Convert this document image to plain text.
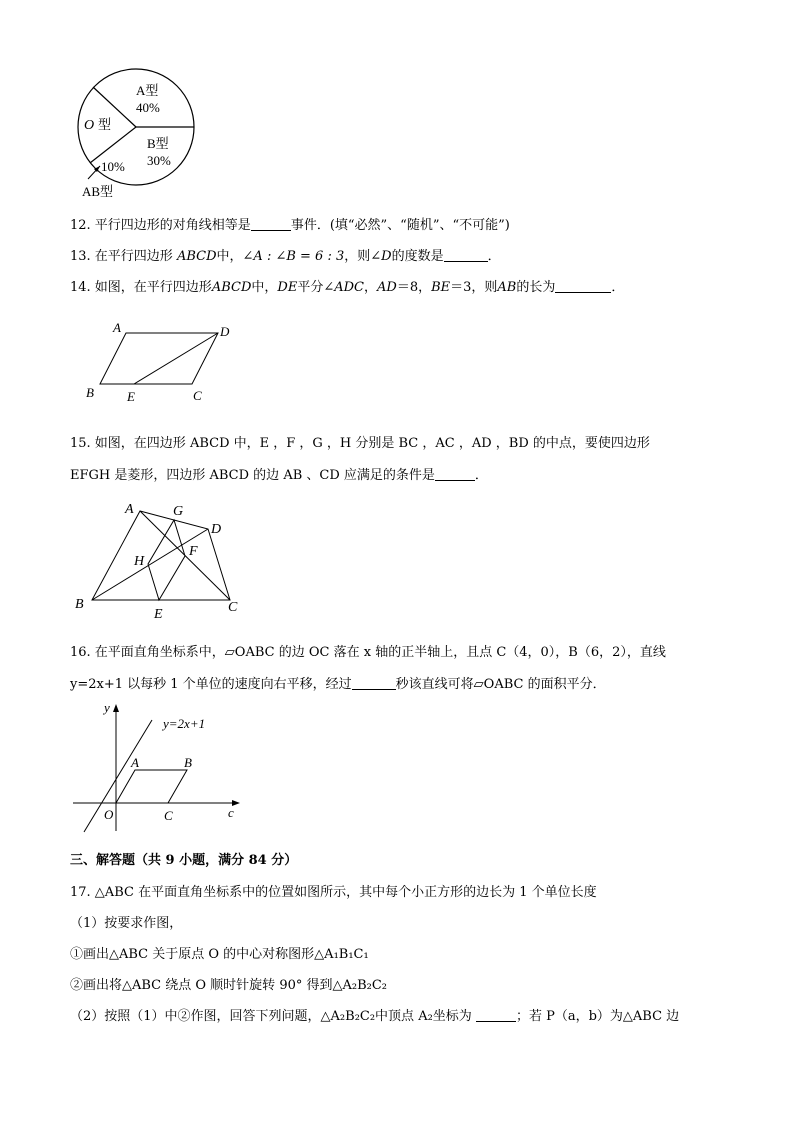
A型
40%
B型
30%
O 型
10%
AB型
12. 平行四边形的对角线相等是	事件．(填“必然”、“随机”、“不可能”)
13. 在平行四边形 ABCD中，∠A : ∠B = 6 : 3，则∠D的度数是	．
14. 如图，在平行四边形ABCD中，DE平分∠ADC，AD＝8，BE＝3，则AB的长为	．
A	D
B	E	C
15. 如图，在四边形 ABCD 中，E ，F ，G ，H 分别是 BC ，AC ，AD ，BD 的中点，要使四边形
EFGH 是菱形，四边形 ABCD 的边 AB 、CD 应满足的条件是	．
A	G
D
H
F
B
E	C
16. 在平面直角坐标系中，▱OABC 的边 OC 落在 x 轴的正半轴上，且点 C（4，0），B（6，2），直线
y=2x+1 以每秒 1 个单位的速度向右平移，经过	秒该直线可将▱OABC 的面积平分．
y
y=2x+1
A	B
O	C	c
三、解答题（共 9 小题，满分 84 分）
17. △ABC 在平面直角坐标系中的位置如图所示，其中每个小正方形的边长为 1 个单位长度
（1）按要求作图，
①画出△ABC 关于原点 O 的中心对称图形△A₁B₁C₁
②画出将△ABC 绕点 O 顺时针旋转 90° 得到△A₂B₂C₂
（2）按照（1）中②作图，回答下列问题，△A₂B₂C₂中顶点 A₂坐标为	；若 P（a，b）为△ABC 边
